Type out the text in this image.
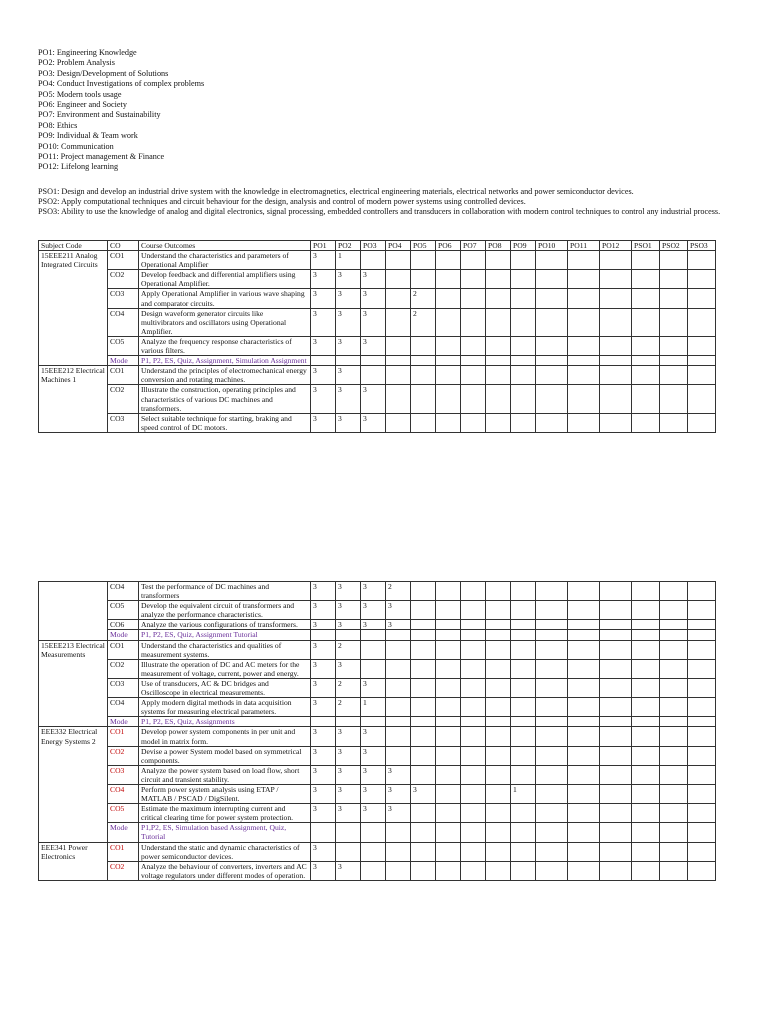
PO1: Engineering Knowledge
PO2: Problem Analysis
PO3: Design/Development of Solutions
PO4: Conduct Investigations of complex problems
PO5: Modern tools usage
PO6: Engineer and Society
PO7: Environment and Sustainability
PO8: Ethics
PO9: Individual & Team work
PO10: Communication
PO11: Project management & Finance
PO12: Lifelong learning
PSO1: Design and develop an industrial drive system with the knowledge in electromagnetics, electrical engineering materials, electrical networks and power semiconductor devices.
PSO2: Apply computational techniques and circuit behaviour for the design, analysis and control of modern power systems using controlled devices.
PSO3: Ability to use the knowledge of analog and digital electronics, signal processing, embedded controllers and transducers in collaboration with modern control techniques to control any industrial process.
Subject Code	CO	Course Outcomes	PO1	PO2	PO3	PO4	PO5	PO6	PO7	PO8	PO9	PO10	PO11	PO12	PSO1	PSO2	PSO3
15EEE211 Analog Integrated Circuits	CO1	Understand the characteristics and parameters of Operational Amplifier	3	1													
	CO2	Develop feedback and differential amplifiers using Operational Amplifier.	3	3	3												
	CO3	Apply Operational Amplifier in various wave shaping and comparator circuits.	3	3	3		2										
	CO4	Design waveform generator circuits like multivibrators and oscillators using Operational Amplifier.	3	3	3		2										
	CO5	Analyze the frequency response characteristics of various filters.	3	3	3												
	Mode	P1, P2, ES, Quiz, Assignment, Simulation Assignment															
15EEE212 Electrical Machines 1	CO1	Understand the principles of electromechanical energy conversion and rotating machines.	3	3													
	CO2	Illustrate the construction, operating principles and characteristics of various DC machines and transformers.	3	3	3												
	CO3	Select suitable technique for starting, braking and speed control of DC motors.	3	3	3												
	CO4	Test the performance of DC machines and transformers	3	3	3	2											
	CO5	Develop the equivalent circuit of transformers and analyze the performance characteristics.	3	3	3	3											
	CO6	Analyze the various configurations of transformers.	3	3	3	3											
	Mode	P1, P2, ES, Quiz, Assignment Tutorial															
15EEE213 Electrical Measurements	CO1	Understand the characteristics and qualities of measurement systems.	3	2													
	CO2	Illustrate the operation of DC and AC meters for the measurement of voltage, current, power and energy.	3	3													
	CO3	Use of transducers, AC & DC bridges and Oscilloscope in electrical measurements.	3	2	3												
	CO4	Apply modern digital methods in data acquisition systems for measuring electrical parameters.	3	2	1												
	Mode	P1, P2, ES, Quiz, Assignments															
EEE332 Electrical Energy Systems 2	CO1	Develop power system components in per unit and model in matrix form.	3	3	3												
	CO2	Devise a power System model based on symmetrical components.	3	3	3												
	CO3	Analyze the power system based on load flow, short circuit and transient stability.	3	3	3	3											
	CO4	Perform power system analysis using ETAP / MATLAB / PSCAD / DigSilent.	3	3	3	3	3				1						
	CO5	Estimate the maximum interrupting current and critical clearing time for power system protection.	3	3	3	3											
	Mode	P1,P2, ES, Simulation based Assignment, Quiz, Tutorial															
EEE341 Power Electronics	CO1	Understand the static and dynamic characteristics of power semiconductor devices.	3														
	CO2	Analyze the behaviour of converters, inverters and AC voltage regulators under different modes of operation.	3	3													
